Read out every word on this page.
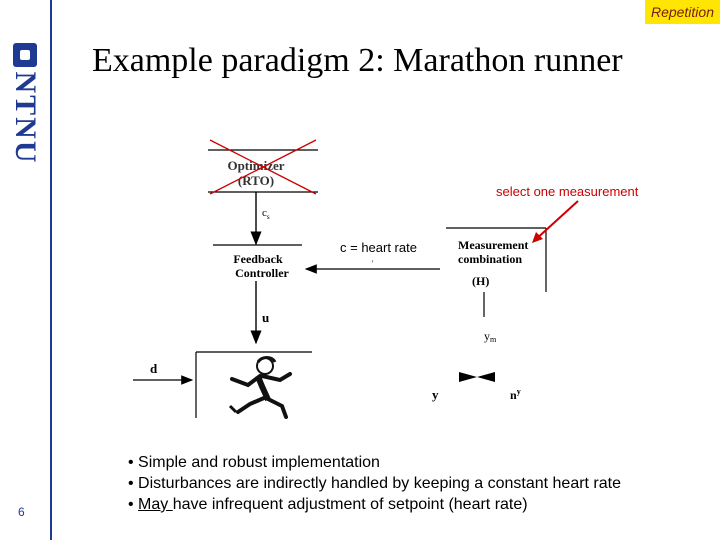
NTNU
6
Repetition
Example paradigm 2: Marathon runner
Optimizer
(RTO)
$c_s$
Feedback
Controller
c = heart rate
'
Measurement
combination
(H)
select one measurement
u
ym
d
y	$n^y$
• Simple and robust implementation
• Disturbances are indirectly handled by keeping a constant heart rate
• May have infrequent adjustment of setpoint (heart rate)
